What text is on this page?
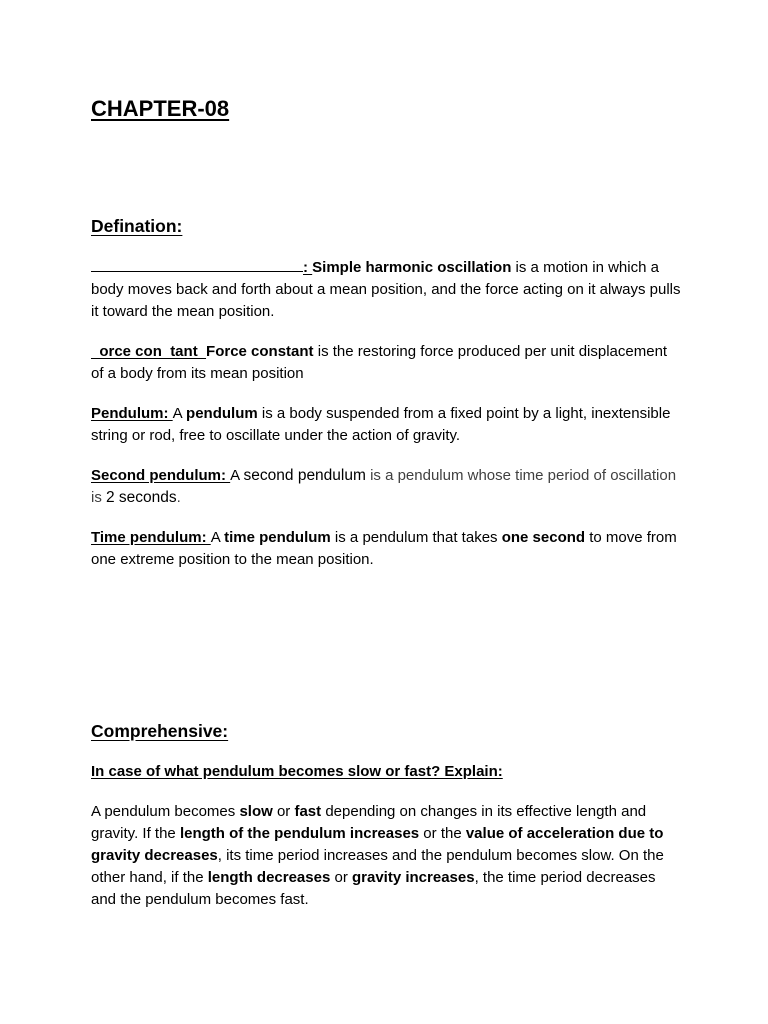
CHAPTER-08
Defination:

: Simple harmonic oscillation is a motion in which a body moves back and forth about a mean position, and the force acting on it always pulls it toward the mean position.

orce con  tant  Force constant is the restoring force produced per unit displacement of a body from its mean position

Pendulum: A pendulum is a body suspended from a fixed point by a light, inextensible string or rod, free to oscillate under the action of gravity.

Second pendulum: A second pendulum is a pendulum whose time period of oscillation is 2 seconds.

Time pendulum: A time pendulum is a pendulum that takes one second to move from one extreme position to the mean position.

Comprehensive:

In case of what pendulum becomes slow or fast? Explain:

A pendulum becomes slow or fast depending on changes in its effective length and gravity. If the length of the pendulum increases or the value of acceleration due to gravity decreases, its time period increases and the pendulum becomes slow. On the other hand, if the length decreases or gravity increases, the time period decreases and the pendulum becomes fast.
